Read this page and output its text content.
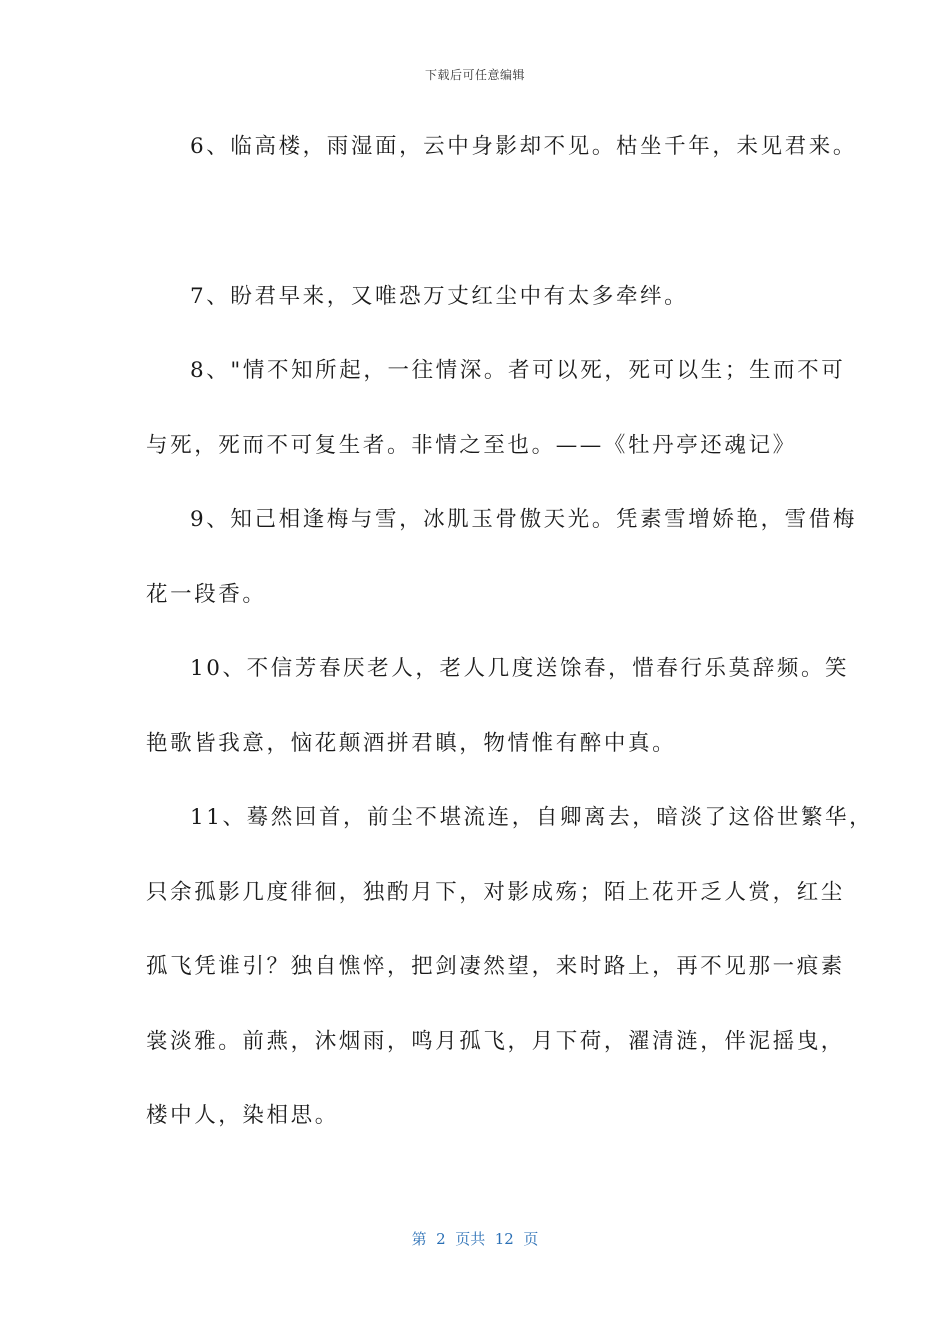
下载后可任意编辑
6、临高楼，雨湿面，云中身影却不见。枯坐千年，未见君来。
7、盼君早来，又唯恐万丈红尘中有太多牵绊。
8、"情不知所起，一往情深。者可以死，死可以生；生而不可
与死，死而不可复生者。非情之至也。——《牡丹亭还魂记》
9、知己相逢梅与雪，冰肌玉骨傲天光。凭素雪增娇艳，雪借梅
花一段香。
10、不信芳春厌老人，老人几度送馀春，惜春行乐莫辞频。笑
艳歌皆我意，恼花颠酒拼君瞋，物情惟有醉中真。
11、蓦然回首，前尘不堪流连，自卿离去，暗淡了这俗世繁华，
只余孤影几度徘徊，独酌月下，对影成殇；陌上花开乏人赏，红尘
孤飞凭谁引？独自憔悴，把剑凄然望，来时路上，再不见那一痕素
裳淡雅。前燕，沐烟雨，鸣月孤飞，月下荷，濯清涟，伴泥摇曳，
楼中人，染相思。
第  2  页共  12  页
